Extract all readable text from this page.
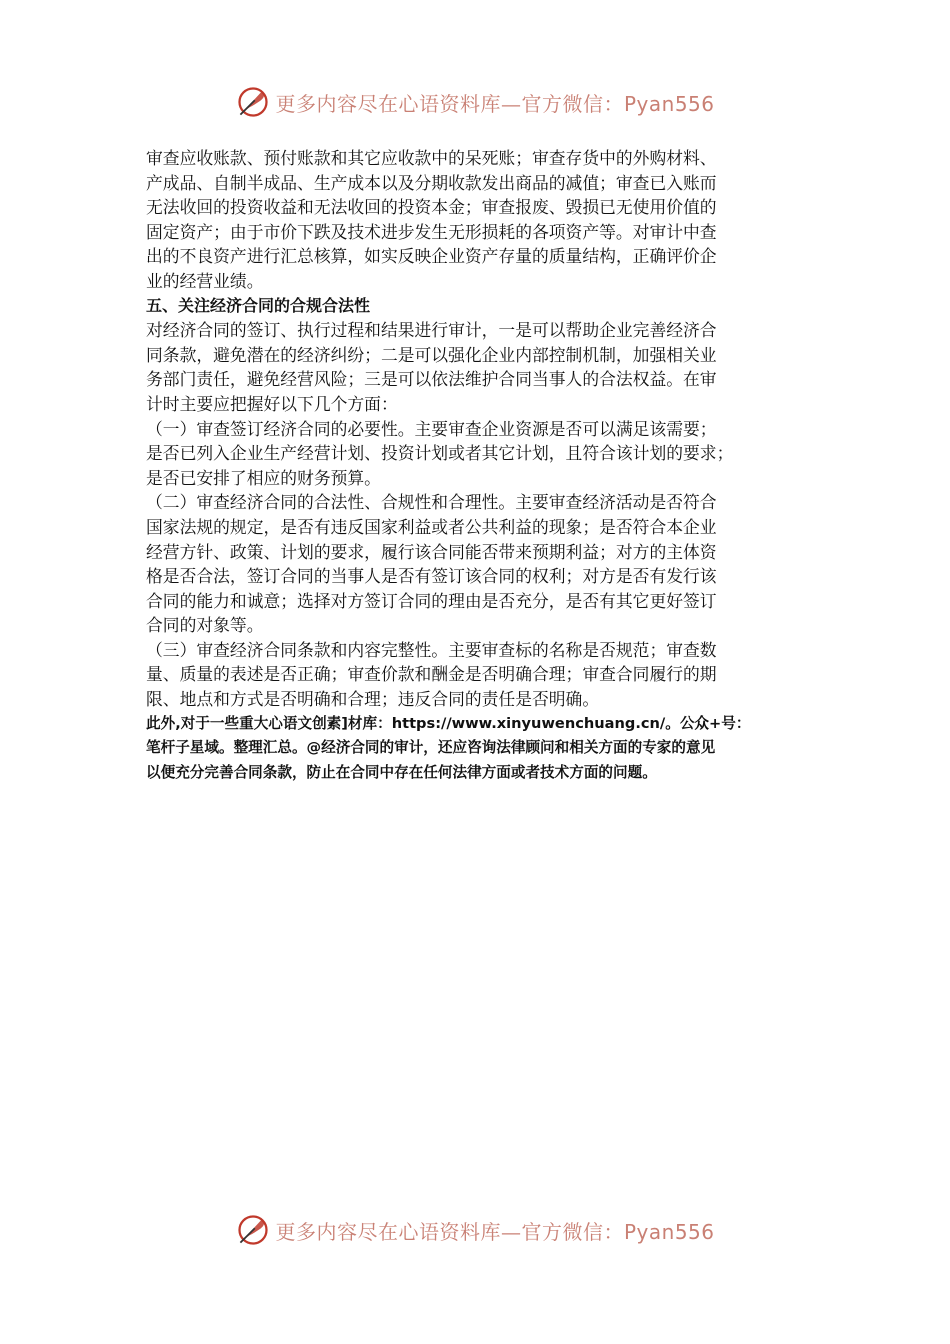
更多内容尽在心语资料库—官方微信：Pyan556

审查应收账款、预付账款和其它应收款中的呆死账；审查存货中的外购材料、
产成品、自制半成品、生产成本以及分期收款发出商品的减值；审查已入账而
无法收回的投资收益和无法收回的投资本金；审查报废、毁损已无使用价值的
固定资产；由于市价下跌及技术进步发生无形损耗的各项资产等。对审计中查
出的不良资产进行汇总核算，如实反映企业资产存量的质量结构，正确评价企
业的经营业绩。

五、关注经济合同的合规合法性

对经济合同的签订、执行过程和结果进行审计，一是可以帮助企业完善经济合
同条款，避免潜在的经济纠纷；二是可以强化企业内部控制机制，加强相关业
务部门责任，避免经营风险；三是可以依法维护合同当事人的合法权益。在审
计时主要应把握好以下几个方面：

（一）审查签订经济合同的必要性。主要审查企业资源是否可以满足该需要；
是否已列入企业生产经营计划、投资计划或者其它计划，且符合该计划的要求；
是否已安排了相应的财务预算。

（二）审查经济合同的合法性、合规性和合理性。主要审查经济活动是否符合
国家法规的规定，是否有违反国家利益或者公共利益的现象；是否符合本企业
经营方针、政策、计划的要求，履行该合同能否带来预期利益；对方的主体资
格是否合法，签订合同的当事人是否有签订该合同的权利；对方是否有发行该
合同的能力和诚意；选择对方签订合同的理由是否充分，是否有其它更好签订
合同的对象等。

（三）审查经济合同条款和内容完整性。主要审查标的名称是否规范；审查数
量、质量的表述是否正确；审查价款和酬金是否明确合理；审查合同履行的期
限、地点和方式是否明确和合理；违反合同的责任是否明确。

此外,对于一些重大心语文创素]材库：https://www.xinyuwenchuang.cn/。公众+号：
笔杆子星域。整理汇总。@经济合同的审计，还应咨询法律顾问和相关方面的专家的意见
以便充分完善合同条款，防止在合同中存在任何法律方面或者技术方面的问题。

更多内容尽在心语资料库—官方微信：Pyan556
